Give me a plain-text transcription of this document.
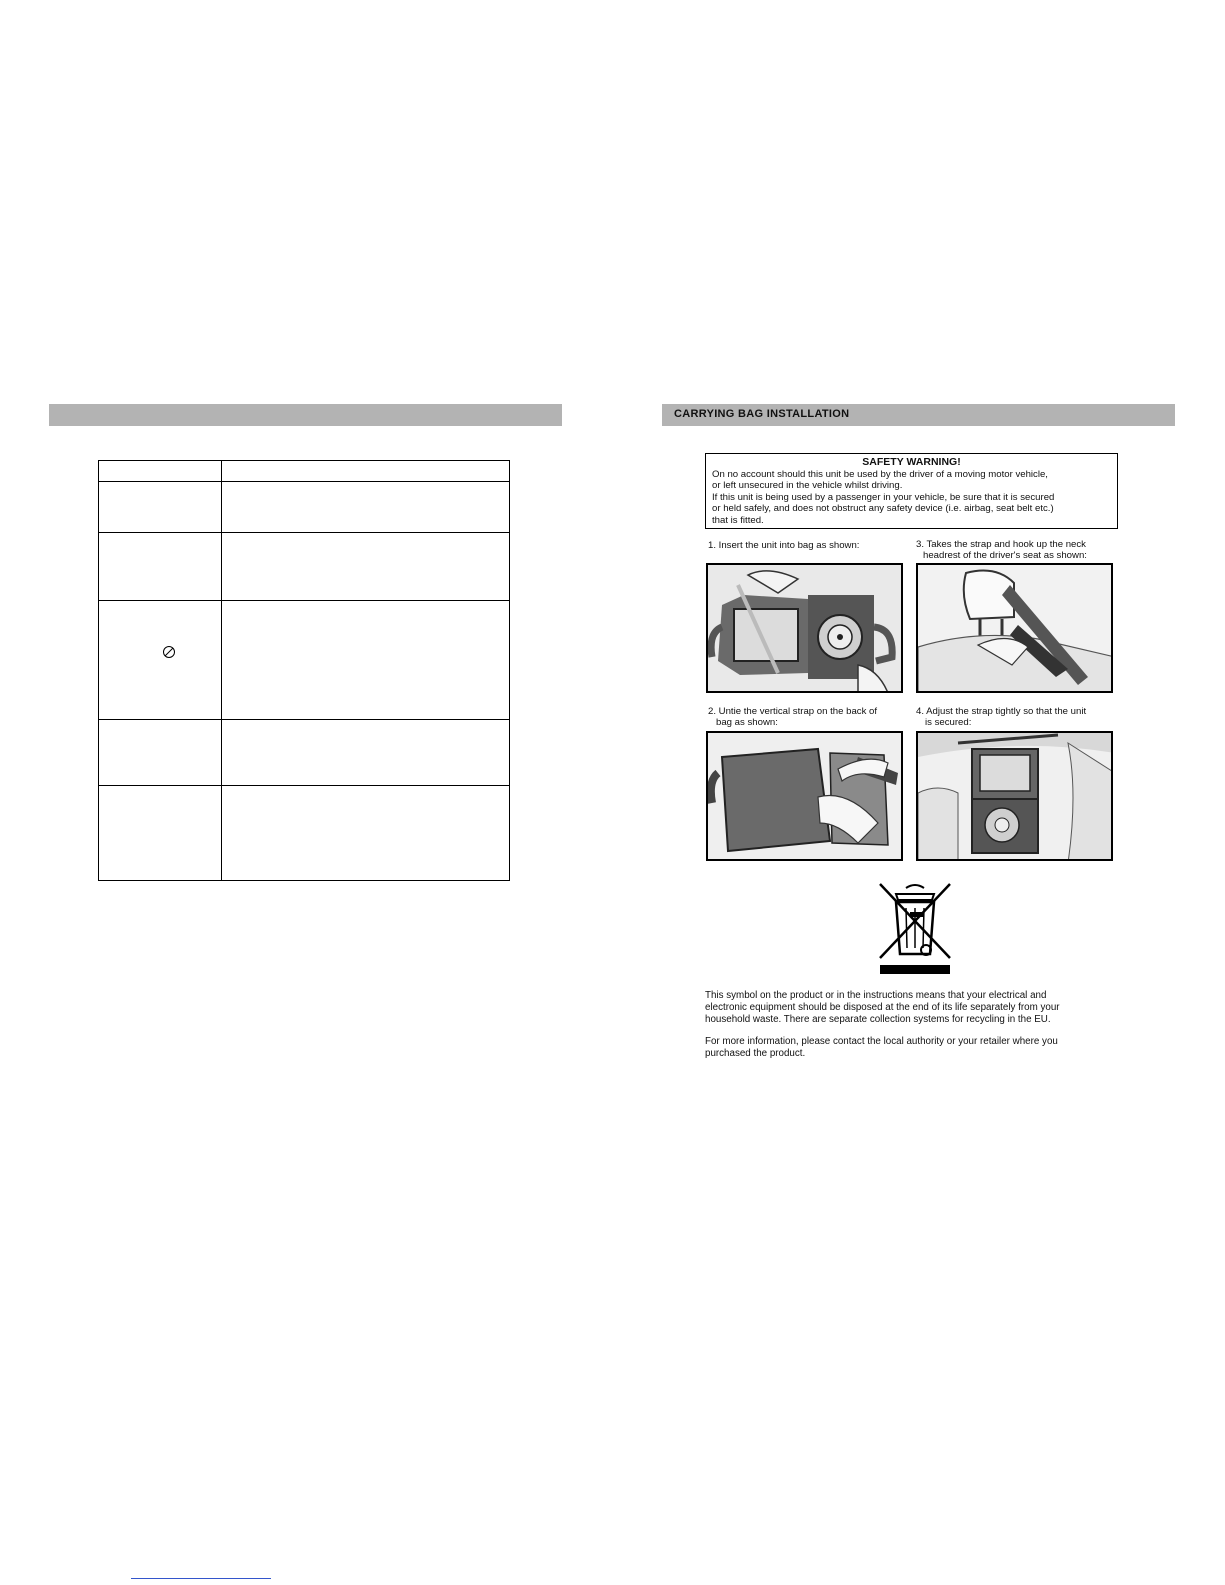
CARRYING BAG INSTALLATION
SAFETY WARNING!
On no account should this unit be used by the driver of a moving motor vehicle,
or left unsecured in the vehicle whilst driving.
If this unit is being used by a passenger in your vehicle, be sure that it is secured
or held safely, and does not obstruct any safety device (i.e. airbag, seat belt etc.)
that is fitted.
1. Insert the unit into bag as shown:	3. Takes the strap and hook up the neck
headrest of the driver's seat as shown:
2. Untie the vertical strap on the back of
bag as shown:
4. Adjust the strap tightly so that the unit
is secured:
This symbol on the product or in the instructions means that your electrical and
electronic equipment should be disposed at the end of its life separately from your
household waste. There are separate collection systems for recycling in the EU.
For more information, please contact the local authority or your retailer where you
purchased the product.
